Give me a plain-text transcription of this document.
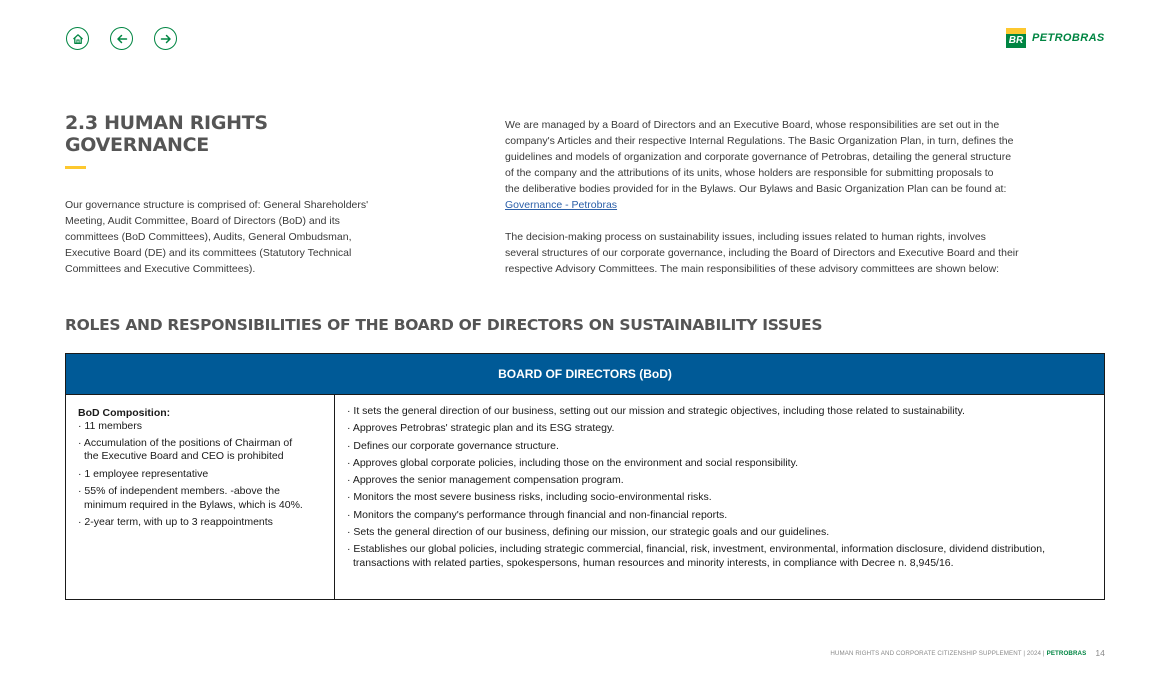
BR PETROBRAS
2.3 HUMAN RIGHTS
GOVERNANCE

Our governance structure is comprised of: General Shareholders'
Meeting, Audit Committee, Board of Directors (BoD) and its
committees (BoD Committees), Audits, General Ombudsman,
Executive Board (DE) and its committees (Statutory Technical
Committees and Executive Committees).

We are managed by a Board of Directors and an Executive Board, whose responsibilities are set out in the
company's Articles and their respective Internal Regulations. The Basic Organization Plan, in turn, defines the
guidelines and models of organization and corporate governance of Petrobras, detailing the general structure
of the company and the attributions of its units, whose holders are responsible for submitting proposals to
the deliberative bodies provided for in the Bylaws. Our Bylaws and Basic Organization Plan can be found at:
Governance - Petrobras

The decision-making process on sustainability issues, including issues related to human rights, involves
several structures of our corporate governance, including the Board of Directors and Executive Board and their
respective Advisory Committees. The main responsibilities of these advisory committees are shown below:

ROLES AND RESPONSIBILITIES OF THE BOARD OF DIRECTORS ON SUSTAINABILITY ISSUES
BOARD OF DIRECTORS (BoD)
BoD Composition:
· 11 members
· Accumulation of the positions of Chairman of the Executive Board and CEO is prohibited
· 1 employee representative
· 55% of independent members. -above the minimum required in the Bylaws, which is 40%.
· 2-year term, with up to 3 reappointments
· It sets the general direction of our business, setting out our mission and strategic objectives, including those related to sustainability.
· Approves Petrobras' strategic plan and its ESG strategy.
· Defines our corporate governance structure.
· Approves global corporate policies, including those on the environment and social responsibility.
· Approves the senior management compensation program.
· Monitors the most severe business risks, including socio-environmental risks.
· Monitors the company's performance through financial and non-financial reports.
· Sets the general direction of our business, defining our mission, our strategic goals and our guidelines.
· Establishes our global policies, including strategic commercial, financial, risk, investment, environmental, information disclosure, dividend distribution,
transactions with related parties, spokespersons, human resources and minority interests, in compliance with Decree n. 8,945/16.
HUMAN RIGHTS AND CORPORATE CITIZENSHIP SUPPLEMENT | 2024 | PETROBRAS 14
